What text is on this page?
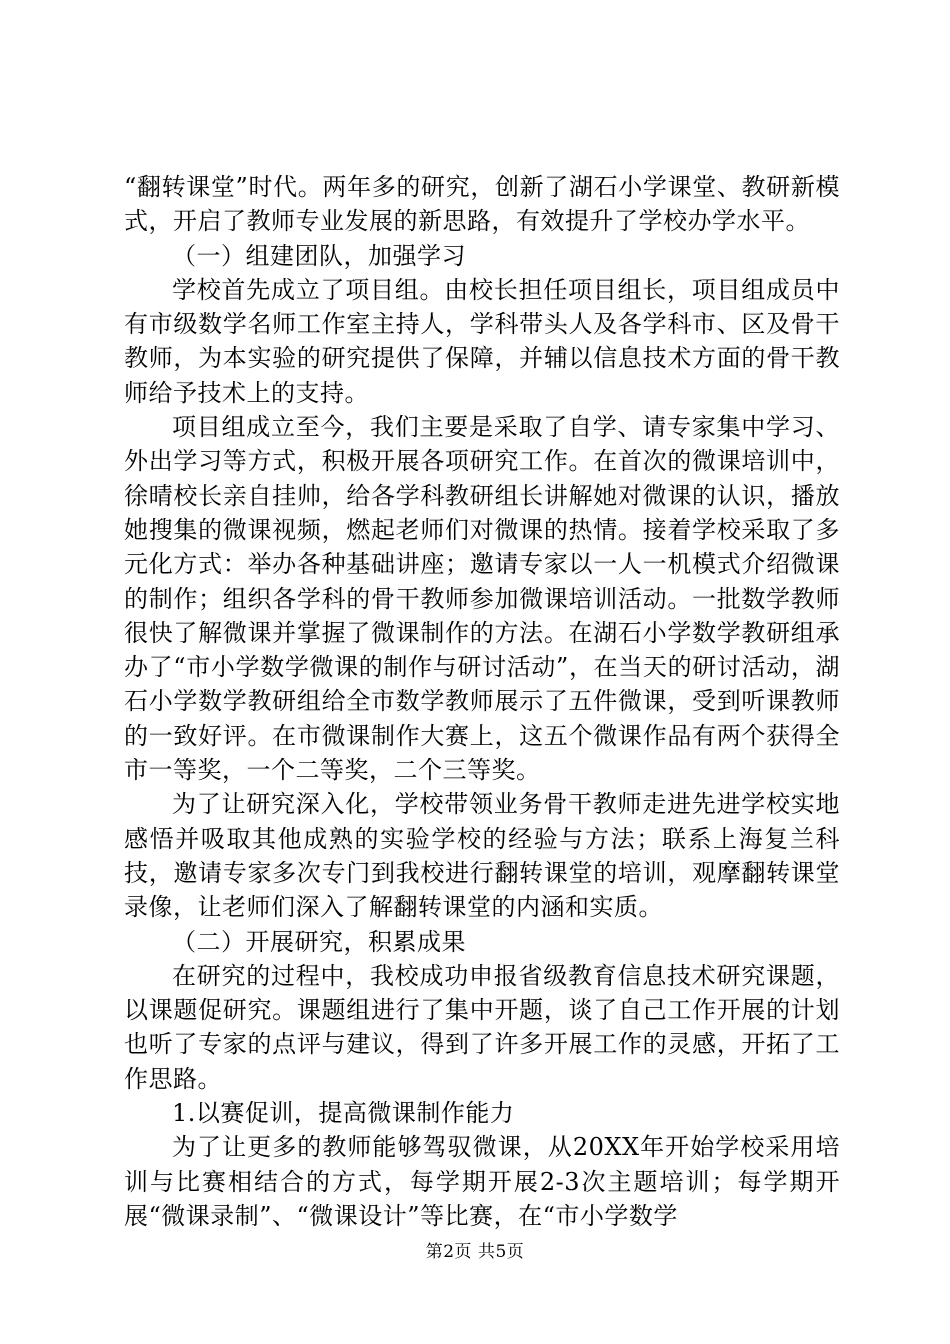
“翻转课堂”时代。两年多的研究，创新了湖石小学课堂、教研新模式，开启了教师专业发展的新思路，有效提升了学校办学水平。

（一）组建团队，加强学习

学校首先成立了项目组。由校长担任项目组长，项目组成员中有市级数学名师工作室主持人，学科带头人及各学科市、区及骨干教师，为本实验的研究提供了保障，并辅以信息技术方面的骨干教师给予技术上的支持。

项目组成立至今，我们主要是采取了自学、请专家集中学习、外出学习等方式，积极开展各项研究工作。在首次的微课培训中，徐晴校长亲自挂帅，给各学科教研组长讲解她对微课的认识，播放她搜集的微课视频，燃起老师们对微课的热情。接着学校采取了多元化方式：举办各种基础讲座；邀请专家以一人一机模式介绍微课的制作；组织各学科的骨干教师参加微课培训活动。一批数学教师很快了解微课并掌握了微课制作的方法。在湖石小学数学教研组承办了“市小学数学微课的制作与研讨活动”，在当天的研讨活动，湖石小学数学教研组给全市数学教师展示了五件微课，受到听课教师的一致好评。在市微课制作大赛上，这五个微课作品有两个获得全市一等奖，一个二等奖，二个三等奖。

为了让研究深入化，学校带领业务骨干教师走进先进学校实地感悟并吸取其他成熟的实验学校的经验与方法；联系上海复兰科技，邀请专家多次专门到我校进行翻转课堂的培训，观摩翻转课堂录像，让老师们深入了解翻转课堂的内涵和实质。

（二）开展研究，积累成果

在研究的过程中，我校成功申报省级教育信息技术研究课题，以课题促研究。课题组进行了集中开题，谈了自己工作开展的计划也听了专家的点评与建议，得到了许多开展工作的灵感，开拓了工作思路。

1.以赛促训，提高微课制作能力

为了让更多的教师能够驾驭微课，从20XX年开始学校采用培训与比赛相结合的方式，每学期开展2-3次主题培训；每学期开展“微课录制”、“微课设计”等比赛，在“市小学数学

第2页 共5页
